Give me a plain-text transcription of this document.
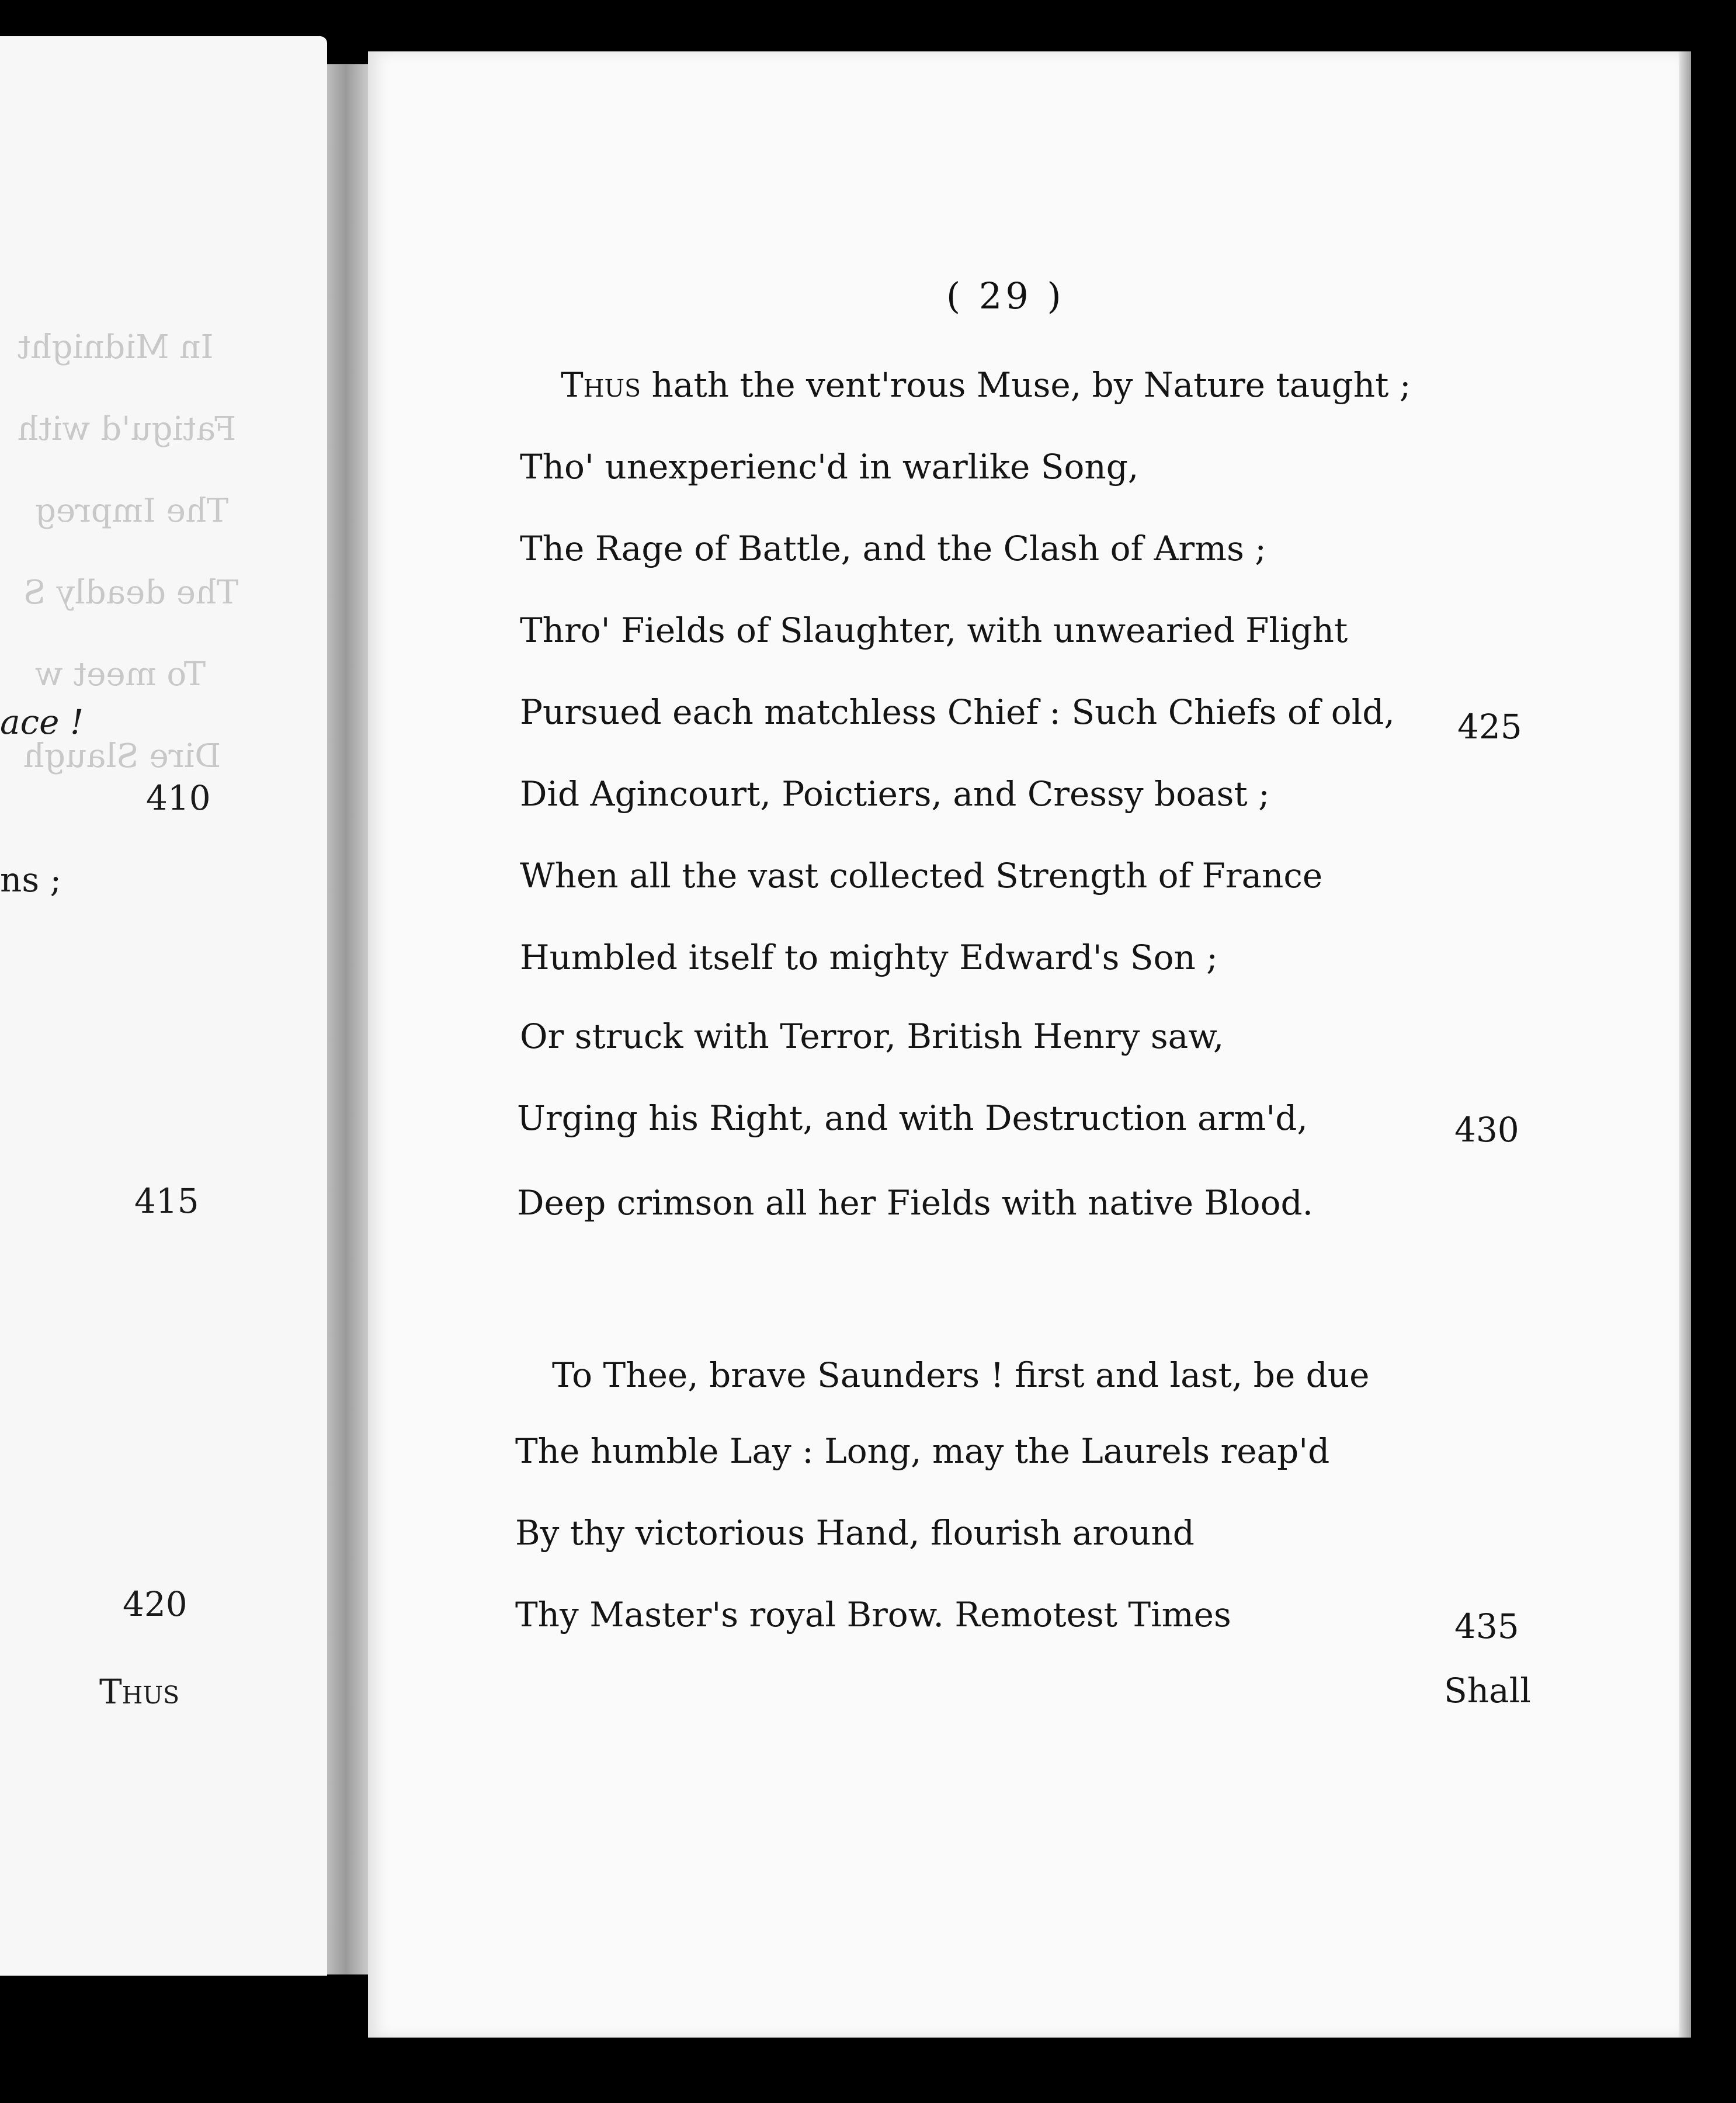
In Midnight
Fatigu'd with
The Impreg
The deadly S
To meet w
Dire Slaugh
ace !
ns ;
410
415
420
Thus
( 29 )
Thus hath the vent'rous Muse, by Nature taught ;
Tho' unexperienc'd in warlike Song,
The Rage of Battle, and the Clash of Arms ;
Thro' Fields of Slaughter, with unwearied Flight
Pursued each matchless Chief : Such Chiefs of old,
Did Agincourt, Poictiers, and Cressy boast ;
When all the vast collected Strength of France
Humbled itself to mighty Edward's Son ;
Or struck with Terror, British Henry saw,
Urging his Right, and with Destruction arm'd,
Deep crimson all her Fields with native Blood.
To Thee, brave Saunders ! first and last, be due
The humble Lay : Long, may the Laurels reap'd
By thy victorious Hand, flourish around
Thy Master's royal Brow. Remotest Times
425
430
435
Shall
